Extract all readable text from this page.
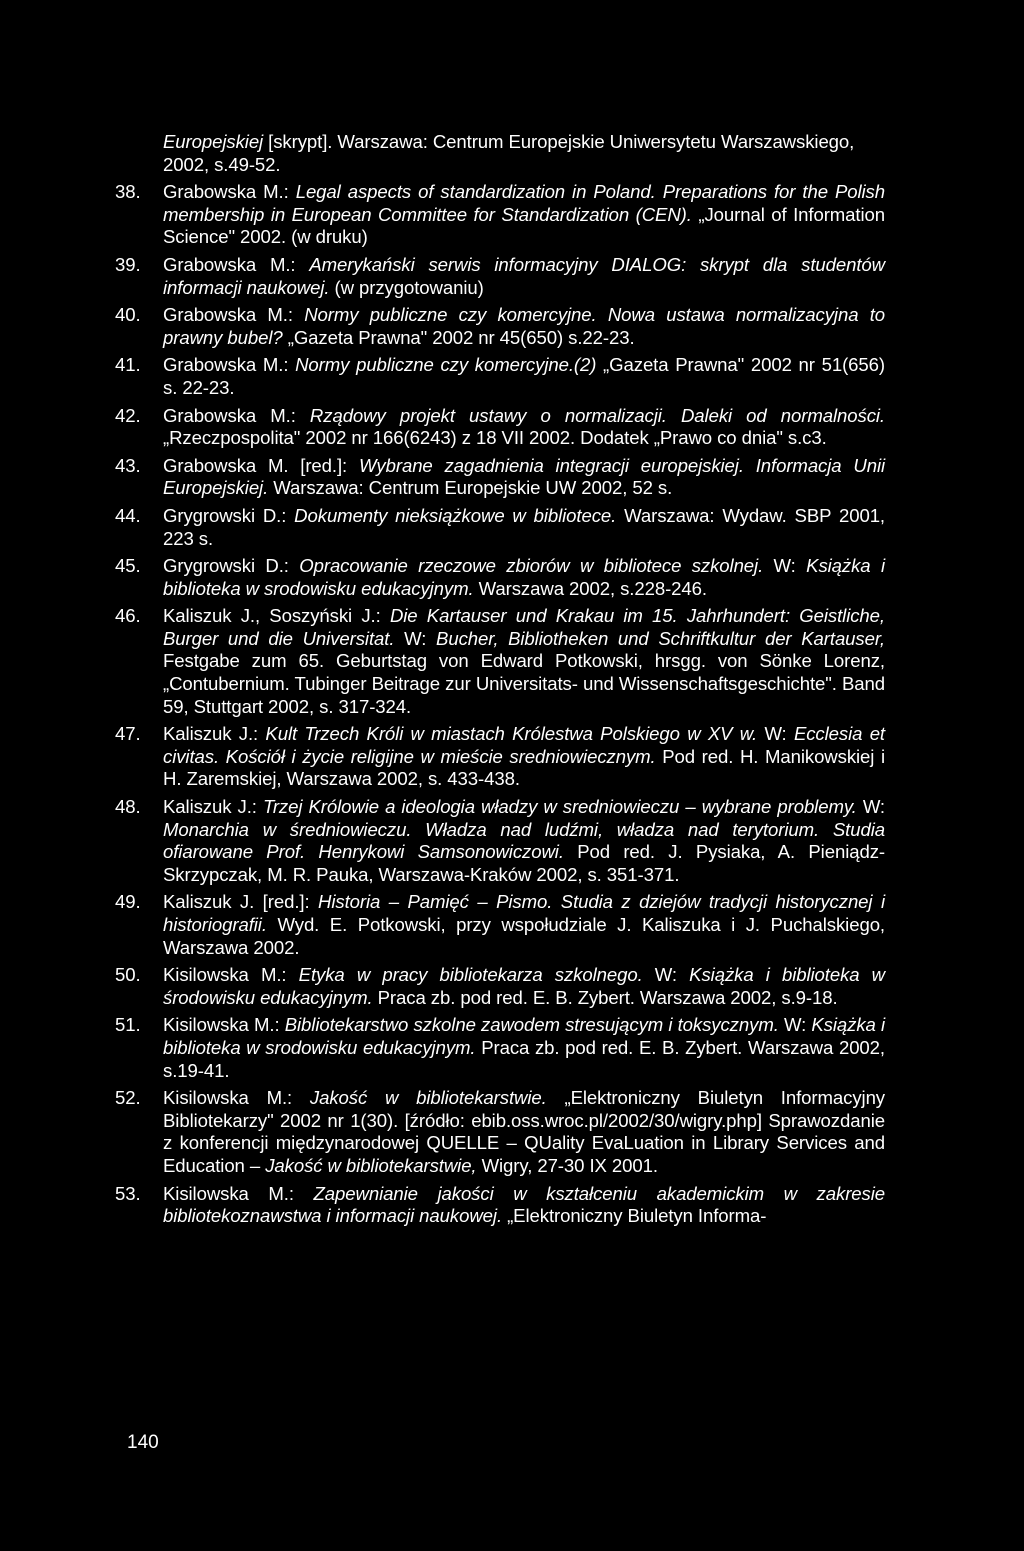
Europejskiej [skrypt]. Warszawa: Centrum Europejskie Uniwersytetu Warszawskiego, 2002, s.49-52.
38.	Grabowska M.: Legal aspects of standardization in Poland. Preparations for the Polish membership in European Committee for Standardization (CEN). „Journal of Information Science" 2002. (w druku)
39.	Grabowska M.: Amerykański serwis informacyjny DIALOG: skrypt dla studentów informacji naukowej. (w przygotowaniu)
40.	Grabowska M.: Normy publiczne czy komercyjne. Nowa ustawa normalizacyjna to prawny bubel? „Gazeta Prawna" 2002 nr 45(650) s.22-23.
41.	Grabowska M.: Normy publiczne czy komercyjne.(2) „Gazeta Prawna" 2002 nr 51(656) s. 22-23.
42.	Grabowska M.: Rządowy projekt ustawy o normalizacji. Daleki od normalności. „Rzeczpospolita" 2002 nr 166(6243) z 18 VII 2002. Dodatek „Prawo co dnia" s.c3.
43.	Grabowska M. [red.]: Wybrane zagadnienia integracji europejskiej. Informacja Unii Europejskiej. Warszawa: Centrum Europejskie UW 2002, 52 s.
44.	Grygrowski D.: Dokumenty nieksiążkowe w bibliotece. Warszawa: Wydaw. SBP 2001, 223 s.
45.	Grygrowski D.: Opracowanie rzeczowe zbiorów w bibliotece szkolnej. W: Książka i biblioteka w srodowisku edukacyjnym. Warszawa 2002, s.228-246.
46.	Kaliszuk J., Soszyński J.: Die Kartauser und Krakau im 15. Jahrhundert: Geistliche, Burger und die Universitat. W: Bucher, Bibliotheken und Schriftkultur der Kartauser, Festgabe zum 65. Geburtstag von Edward Potkowski, hrsgg. von Sönke Lorenz, „Contubernium. Tubinger Beitrage zur Universitats- und Wissenschaftsgeschichte". Band 59, Stuttgart 2002, s. 317-324.
47.	Kaliszuk J.: Kult Trzech Króli w miastach Królestwa Polskiego w XV w. W: Ecclesia et civitas. Kościół i życie religijne w mieście sredniowiecznym. Pod red. H. Manikowskiej i H. Zaremskiej, Warszawa 2002, s. 433-438.
48.	Kaliszuk J.: Trzej Królowie a ideologia władzy w sredniowieczu – wybrane problemy. W: Monarchia w średniowieczu. Władza nad ludźmi, władza nad terytorium. Studia ofiarowane Prof. Henrykowi Samsonowiczowi. Pod red. J. Pysiaka, A. Pieniądz-Skrzypczak, M. R. Pauka, Warszawa-Kraków 2002, s. 351-371.
49.	Kaliszuk J. [red.]: Historia – Pamięć – Pismo. Studia z dziejów tradycji historycznej i historiografii. Wyd. E. Potkowski, przy wspołudziale J. Kaliszuka i J. Puchalskiego, Warszawa 2002.
50.	Kisilowska M.: Etyka w pracy bibliotekarza szkolnego. W: Książka i biblioteka w środowisku edukacyjnym. Praca zb. pod red. E. B. Zybert. Warszawa 2002, s.9-18.
51.	Kisilowska M.: Bibliotekarstwo szkolne zawodem stresującym i toksycznym. W: Książka i biblioteka w srodowisku edukacyjnym. Praca zb. pod red. E. B. Zybert. Warszawa 2002, s.19-41.
52.	Kisilowska M.: Jakość w bibliotekarstwie. „Elektroniczny Biuletyn Informacyjny Bibliotekarzy" 2002 nr 1(30). [źródło: ebib.oss.wroc.pl/2002/30/wigry.php] Sprawozdanie z konferencji międzynarodowej QUELLE – QUality EvaLuation in Library Services and Education – Jakość w bibliotekarstwie, Wigry, 27-30 IX 2001.
53.	Kisilowska M.: Zapewnianie jakości w kształceniu akademickim w zakresie bibliotekoznawstwa i informacji naukowej. „Elektroniczny Biuletyn Informa-
140
